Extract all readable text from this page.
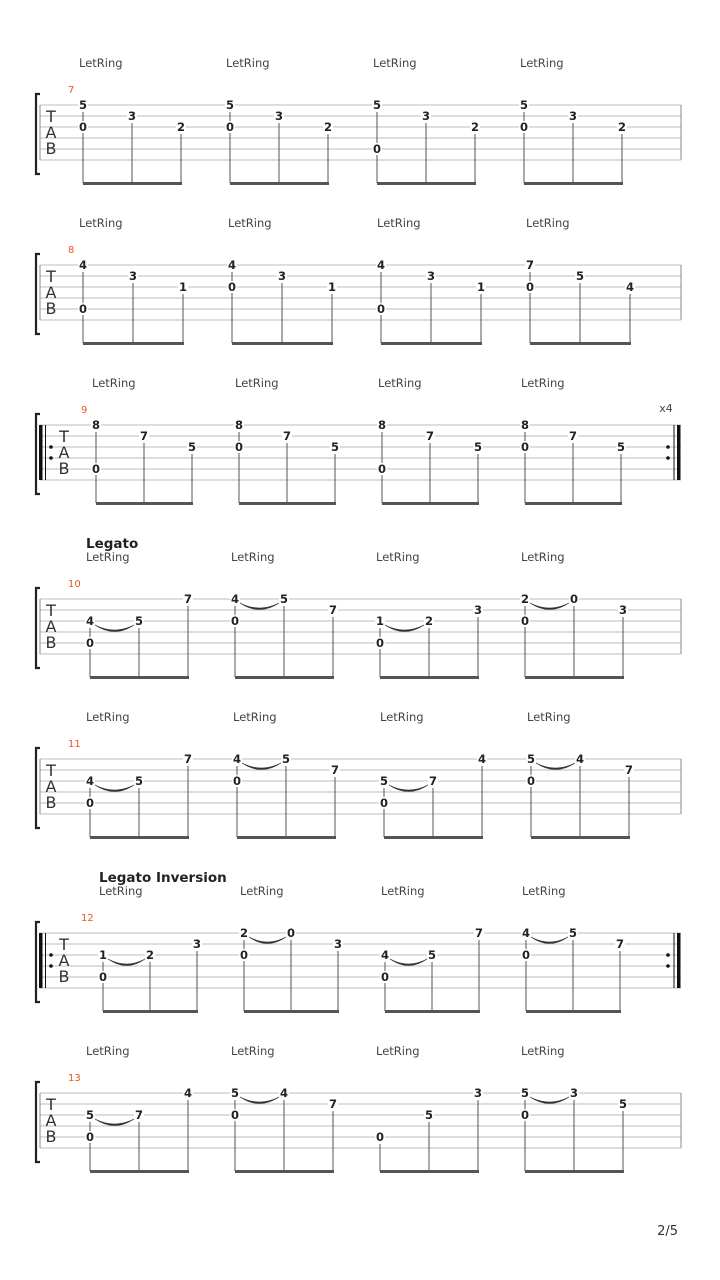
T
A
B
7
LetRing
5
0
3
2
LetRing
5
0
3
2
LetRing
5
0
3
2
LetRing
5
0
3
2
T
A
B
8
LetRing
4
0
3
1
LetRing
4
0
3
1
LetRing
4
0
3
1
LetRing
7
0
5
4
T
A
B
x4
9
LetRing
8
0
7
5
LetRing
8
0
7
5
LetRing
8
0
7
5
LetRing
8
0
7
5
T
A
B
10
Legato
LetRing
4
0
5
7
LetRing
4
0
5
7
LetRing
1
0
2
3
LetRing
2
0
0
3
T
A
B
11
LetRing
4
0
5
7
LetRing
4
0
5
7
LetRing
5
0
7
4
LetRing
5
0
4
7
T
A
B
12
Legato Inversion
LetRing
1
0
2
3
LetRing
2
0
0
3
LetRing
4
0
5
7
LetRing
4
0
5
7
T
A
B
13
LetRing
5
0
7
4
LetRing
5
0
4
7
LetRing
0
5
3
LetRing
5
0
3
5
2/5
